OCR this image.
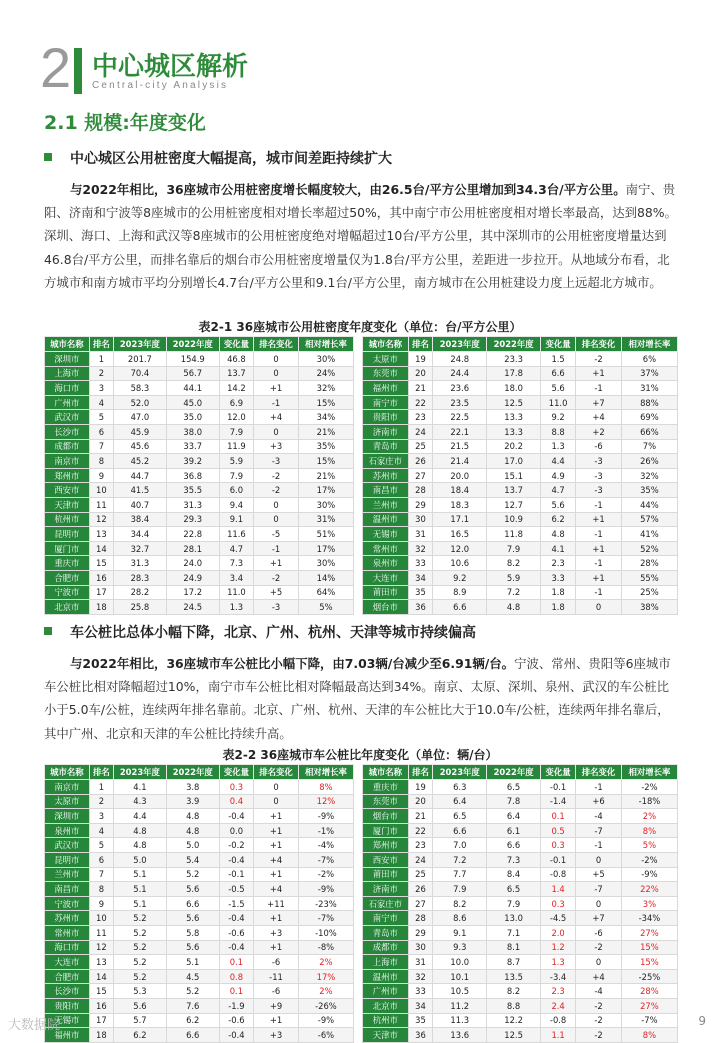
2 中心城区解析
Central-city Analysis
2.1 规模:年度变化
中心城区公用桩密度大幅提高，城市间差距持续扩大
与2022年相比，36座城市公用桩密度增长幅度较大，由26.5台/平方公里增加到34.3台/平方公里。南宁、贵阳、济南和宁波等8座城市的公用桩密度相对增长率超过50%，其中南宁市公用桩密度相对增长率最高，达到88%。深圳、海口、上海和武汉等8座城市的公用桩密度绝对增幅超过10台/平方公里，其中深圳市的公用桩密度增量达到46.8台/平方公里，而排名靠后的烟台市公用桩密度增量仅为1.8台/平方公里，差距进一步拉开。从地域分布看，北方城市和南方城市平均分别增长4.7台/平方公里和9.1台/平方公里，南方城市在公用桩建设力度上远超北方城市。
表2-1 36座城市公用桩密度年度变化（单位：台/平方公里）
城市名称	排名	2023年度	2022年度	变化量	排名变化	相对增长率
深圳市	1	201.7	154.9	46.8	0	30%
上海市	2	70.4	56.7	13.7	0	24%
海口市	3	58.3	44.1	14.2	+1	32%
广州市	4	52.0	45.0	6.9	-1	15%
武汉市	5	47.0	35.0	12.0	+4	34%
长沙市	6	45.9	38.0	7.9	0	21%
成都市	7	45.6	33.7	11.9	+3	35%
南京市	8	45.2	39.2	5.9	-3	15%
郑州市	9	44.7	36.8	7.9	-2	21%
西安市	10	41.5	35.5	6.0	-2	17%
天津市	11	40.7	31.3	9.4	0	30%
杭州市	12	38.4	29.3	9.1	0	31%
昆明市	13	34.4	22.8	11.6	-5	51%
厦门市	14	32.7	28.1	4.7	-1	17%
重庆市	15	31.3	24.0	7.3	+1	30%
合肥市	16	28.3	24.9	3.4	-2	14%
宁波市	17	28.2	17.2	11.0	+5	64%
北京市	18	25.8	24.5	1.3	-3	5%
城市名称	排名	2023年度	2022年度	变化量	排名变化	相对增长率
太原市	19	24.8	23.3	1.5	-2	6%
东莞市	20	24.4	17.8	6.6	+1	37%
福州市	21	23.6	18.0	5.6	-1	31%
南宁市	22	23.5	12.5	11.0	+7	88%
贵阳市	23	22.5	13.3	9.2	+4	69%
济南市	24	22.1	13.3	8.8	+2	66%
青岛市	25	21.5	20.2	1.3	-6	7%
石家庄市	26	21.4	17.0	4.4	-3	26%
苏州市	27	20.0	15.1	4.9	-3	32%
南昌市	28	18.4	13.7	4.7	-3	35%
兰州市	29	18.3	12.7	5.6	-1	44%
温州市	30	17.1	10.9	6.2	+1	57%
无锡市	31	16.5	11.8	4.8	-1	41%
常州市	32	12.0	7.9	4.1	+1	52%
泉州市	33	10.6	8.2	2.3	-1	28%
大连市	34	9.2	5.9	3.3	+1	55%
莆田市	35	8.9	7.2	1.8	-1	25%
烟台市	36	6.6	4.8	1.8	0	38%
车公桩比总体小幅下降，北京、广州、杭州、天津等城市持续偏高
与2022年相比，36座城市车公桩比小幅下降，由7.03辆/台减少至6.91辆/台。宁波、常州、贵阳等6座城市车公桩比相对降幅超过10%，南宁市车公桩比相对降幅最高达到34%。南京、太原、深圳、泉州、武汉的车公桩比小于5.0车/公桩，连续两年排名靠前。北京、广州、杭州、天津的车公桩比大于10.0车/公桩，连续两年排名靠后，其中广州、北京和天津的车公桩比持续升高。
表2-2 36座城市车公桩比年度变化（单位：辆/台）
城市名称	排名	2023年度	2022年度	变化量	排名变化	相对增长率
南京市	1	4.1	3.8	0.3	0	8%
太原市	2	4.3	3.9	0.4	0	12%
深圳市	3	4.4	4.8	-0.4	+1	-9%
泉州市	4	4.8	4.8	0.0	+1	-1%
武汉市	5	4.8	5.0	-0.2	+1	-4%
昆明市	6	5.0	5.4	-0.4	+4	-7%
兰州市	7	5.1	5.2	-0.1	+1	-2%
南昌市	8	5.1	5.6	-0.5	+4	-9%
宁波市	9	5.1	6.6	-1.5	+11	-23%
苏州市	10	5.2	5.6	-0.4	+1	-7%
常州市	11	5.2	5.8	-0.6	+3	-10%
海口市	12	5.2	5.6	-0.4	+1	-8%
大连市	13	5.2	5.1	0.1	-6	2%
合肥市	14	5.2	4.5	0.8	-11	17%
长沙市	15	5.3	5.2	0.1	-6	2%
贵阳市	16	5.6	7.6	-1.9	+9	-26%
无锡市	17	5.7	6.2	-0.6	+1	-9%
福州市	18	6.2	6.6	-0.4	+3	-6%
城市名称	排名	2023年度	2022年度	变化量	排名变化	相对增长率
重庆市	19	6.3	6.5	-0.1	-1	-2%
东莞市	20	6.4	7.8	-1.4	+6	-18%
烟台市	21	6.5	6.4	0.1	-4	2%
厦门市	22	6.6	6.1	0.5	-7	8%
郑州市	23	7.0	6.6	0.3	-1	5%
西安市	24	7.2	7.3	-0.1	0	-2%
莆田市	25	7.7	8.4	-0.8	+5	-9%
济南市	26	7.9	6.5	1.4	-7	22%
石家庄市	27	8.2	7.9	0.3	0	3%
南宁市	28	8.6	13.0	-4.5	+7	-34%
青岛市	29	9.1	7.1	2.0	-6	27%
成都市	30	9.3	8.1	1.2	-2	15%
上海市	31	10.0	8.7	1.3	0	15%
温州市	32	10.1	13.5	-3.4	+4	-25%
广州市	33	10.5	8.2	2.3	-4	28%
北京市	34	11.2	8.8	2.4	-2	27%
杭州市	35	11.3	12.2	-0.8	-2	-7%
天津市	36	13.6	12.5	1.1	-2	8%
大数据院	9
